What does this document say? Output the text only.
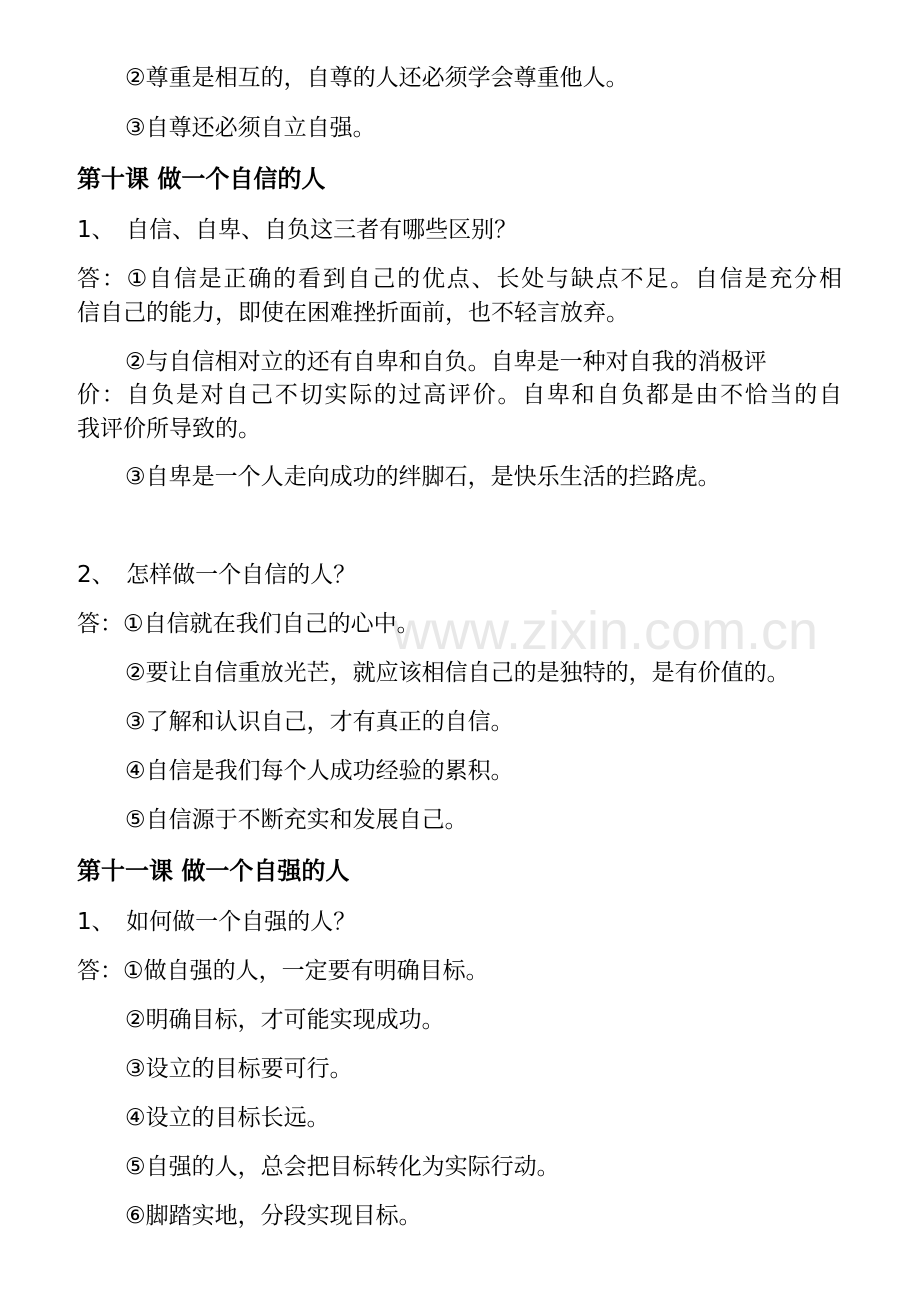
www.zixin.com.cn

②尊重是相互的，自尊的人还必须学会尊重他人。

③自尊还必须自立自强。

第十课 做一个自信的人

1、　自信、自卑、自负这三者有哪些区别？

答：①自信是正确的看到自己的优点、长处与缺点不足。自信是充分相

信自己的能力，即使在困难挫折面前，也不轻言放弃。

②与自信相对立的还有自卑和自负。自卑是一种对自我的消极评

价：自负是对自己不切实际的过高评价。自卑和自负都是由不恰当的自

我评价所导致的。

③自卑是一个人走向成功的绊脚石，是快乐生活的拦路虎。

2、　怎样做一个自信的人？

答：①自信就在我们自己的心中。

②要让自信重放光芒，就应该相信自己的是独特的，是有价值的。

③了解和认识自己，才有真正的自信。

④自信是我们每个人成功经验的累积。

⑤自信源于不断充实和发展自己。

第十一课 做一个自强的人

1、　如何做一个自强的人？

答：①做自强的人，一定要有明确目标。

②明确目标，才可能实现成功。

③设立的目标要可行。

④设立的目标长远。

⑤自强的人，总会把目标转化为实际行动。

⑥脚踏实地，分段实现目标。
